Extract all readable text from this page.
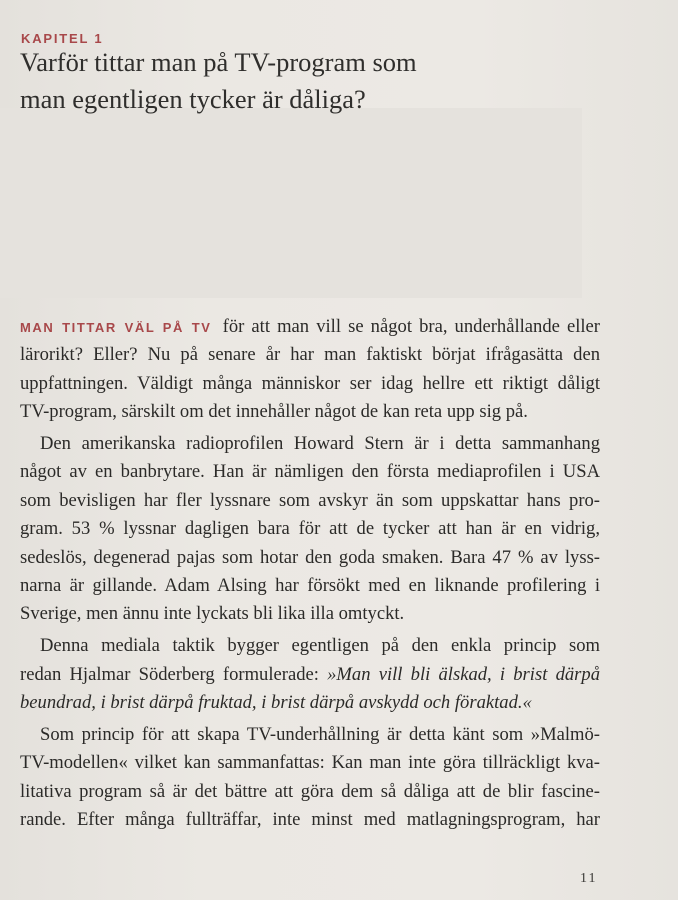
KAPITEL 1
Varför tittar man på TV-program som
man egentligen tycker är dåliga?
MAN TITTAR VÄL PÅ TV för att man vill se något bra, underhållande eller
lärorikt? Eller? Nu på senare år har man faktiskt börjat ifrågasätta den
uppfattningen. Väldigt många människor ser idag hellre ett riktigt dåligt
TV-program, särskilt om det innehåller något de kan reta upp sig på.
Den amerikanska radioprofilen Howard Stern är i detta sammanhang
något av en banbrytare. Han är nämligen den första mediaprofilen i USA
som bevisligen har fler lyssnare som avskyr än som uppskattar hans pro-
gram. 53 % lyssnar dagligen bara för att de tycker att han är en vidrig,
sedeslös, degenerad pajas som hotar den goda smaken. Bara 47 % av lyss-
narna är gillande. Adam Alsing har försökt med en liknande profilering i
Sverige, men ännu inte lyckats bli lika illa omtyckt.
Denna mediala taktik bygger egentligen på den enkla princip som
redan Hjalmar Söderberg formulerade: »Man vill bli älskad, i brist därpå
beundrad, i brist därpå fruktad, i brist därpå avskydd och föraktad.«
Som princip för att skapa TV-underhållning är detta känt som »Malmö-
TV-modellen« vilket kan sammanfattas: Kan man inte göra tillräckligt kva-
litativa program så är det bättre att göra dem så dåliga att de blir fascine-
rande. Efter många fullträffar, inte minst med matlagningsprogram, har
11
